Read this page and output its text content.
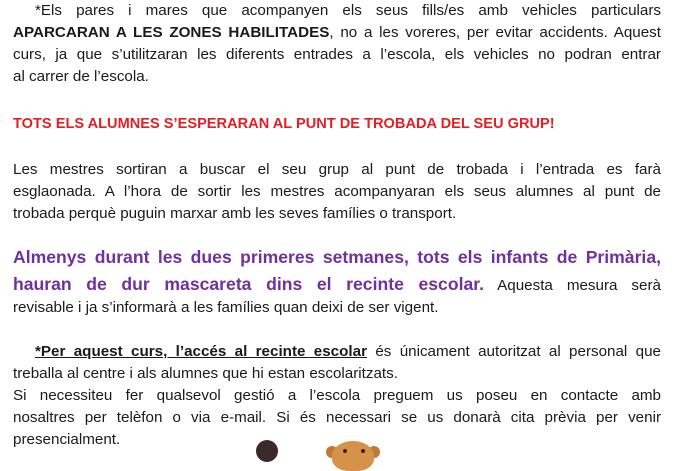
*Els pares i mares que acompanyen els seus fills/es amb vehicles particulars
APARCARAN A LES ZONES HABILITADES, no a les voreres, per evitar accidents. Aquest
curs, ja que s’utilitzaran les diferents entrades a l’escola, els vehicles no podran entrar
al carrer de l’escola.
TOTS ELS ALUMNES S’ESPERARAN AL PUNT DE TROBADA DEL SEU GRUP!
Les mestres sortiran a buscar el seu grup al punt de trobada i l’entrada es farà
esglaonada. A l’hora de sortir les mestres acompanyaran els seus alumnes al punt de
trobada perquè puguin marxar amb les seves famílies o transport.
Almenys durant les dues primeres setmanes, tots els infants de Primària,
hauran de dur mascareta dins el recinte escolar. Aquesta mesura serà
revisable i ja s’informarà a les famílies quan deixi de ser vigent.
*Per aquest curs, l’accés al recinte escolar és únicament autoritzat al personal que
treballa al centre i als alumnes que hi estan escolaritzats.
Si necessiteu fer qualsevol gestió a l’escola preguem us poseu en contacte amb
nosaltres per telèfon o via e-mail. Si és necessari se us donarà cita prèvia per venir
presencialment.
